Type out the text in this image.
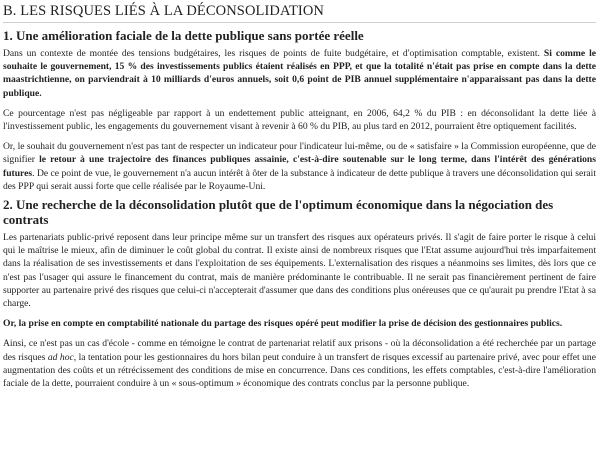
B. LES RISQUES LIÉS À LA DÉCONSOLIDATION
1. Une amélioration faciale de la dette publique sans portée réelle

Dans un contexte de montée des tensions budgétaires, les risques de points de fuite budgétaire, et d'optimisation comptable, existent. Si comme le souhaite le gouvernement, 15 % des investissements publics étaient réalisés en PPP, et que la totalité n'était pas prise en compte dans la dette maastrichtienne, on parviendrait à 10 milliards d'euros annuels, soit 0,6 point de PIB annuel supplémentaire n'apparaissant pas dans la dette publique.

Ce pourcentage n'est pas négligeable par rapport à un endettement public atteignant, en 2006, 64,2 % du PIB : en déconsolidant la dette liée à l'investissement public, les engagements du gouvernement visant à revenir à 60 % du PIB, au plus tard en 2012, pourraient être optiquement facilités.

Or, le souhait du gouvernement n'est pas tant de respecter un indicateur pour l'indicateur lui-même, ou de « satisfaire » la Commission européenne, que de signifier le retour à une trajectoire des finances publiques assainie, c'est-à-dire soutenable sur le long terme, dans l'intérêt des générations futures. De ce point de vue, le gouvernement n'a aucun intérêt à ôter de la substance à indicateur de dette publique à travers une déconsolidation qui serait des PPP qui serait aussi forte que celle réalisée par le Royaume-Uni.

2. Une recherche de la déconsolidation plutôt que de l'optimum économique dans la négociation des contrats

Les partenariats public-privé reposent dans leur principe même sur un transfert des risques aux opérateurs privés. Il s'agit de faire porter le risque à celui qui le maîtrise le mieux, afin de diminuer le coût global du contrat. Il existe ainsi de nombreux risques que l'Etat assume aujourd'hui très imparfaitement dans la réalisation de ses investissements et dans l'exploitation de ses équipements. L'externalisation des risques a néanmoins ses limites, dès lors que ce n'est pas l'usager qui assure le financement du contrat, mais de manière prédominante le contribuable. Il ne serait pas financièrement pertinent de faire supporter au partenaire privé des risques que celui-ci n'accepterait d'assumer que dans des conditions plus onéreuses que ce qu'aurait pu prendre l'Etat à sa charge.

Or, la prise en compte en comptabilité nationale du partage des risques opéré peut modifier la prise de décision des gestionnaires publics.

Ainsi, ce n'est pas un cas d'école - comme en témoigne le contrat de partenariat relatif aux prisons - où la déconsolidation a été recherchée par un partage des risques ad hoc, la tentation pour les gestionnaires du hors bilan peut conduire à un transfert de risques excessif au partenaire privé, avec pour effet une augmentation des coûts et un rétrécissement des conditions de mise en concurrence. Dans ces conditions, les effets comptables, c'est-à-dire l'amélioration faciale de la dette, pourraient conduire à un « sous-optimum » économique des contrats conclus par la personne publique.
